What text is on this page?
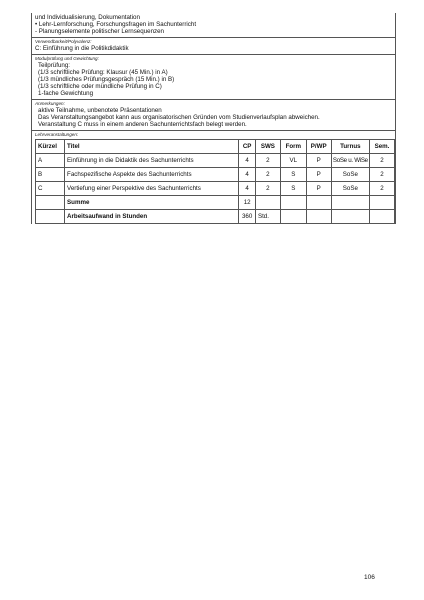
und Individualisierung, Dokumentation
• Lehr-Lernforschung, Forschungsfragen im Sachunterricht
- Planungselemente politischer Lernsequenzen
Verwendbarkeit/Polyvalenz:
C: Einführung in die Politikdidaktik
Modulprüfung und Gewichtung:
Teilprüfung:
(1/3 schriftliche Prüfung: Klausur (45 Min.) in A)
(1/3 mündliches Prüfungsgespräch (15 Min.) in B)
(1/3 schriftliche oder mündliche Prüfung in C)
1-fache Gewichtung
Anmerkungen:
aktive Teilnahme, unbenotete Präsentationen
Das Veranstaltungsangebot kann aus organisatorischen Gründen vom Studienverlaufsplan abweichen.
Veranstaltung C muss in einem anderen Sachunterrichtsfach belegt werden.
Lehrveranstaltungen:
Kürzel	Titel	CP	SWS	Form	P/WP	Turnus	Sem.
A	Einführung in die Didaktik des Sachunterrichts	4	2	VL	P	SoSe u. WiSe	2
B	Fachspezifische Aspekte des Sachunterrichts	4	2	S	P	SoSe	2
C	Vertiefung einer Perspektive des Sachunterrichts	4	2	S	P	SoSe	2
	Summe	12					
	Arbeitsaufwand in Stunden	360	Std.				
106
